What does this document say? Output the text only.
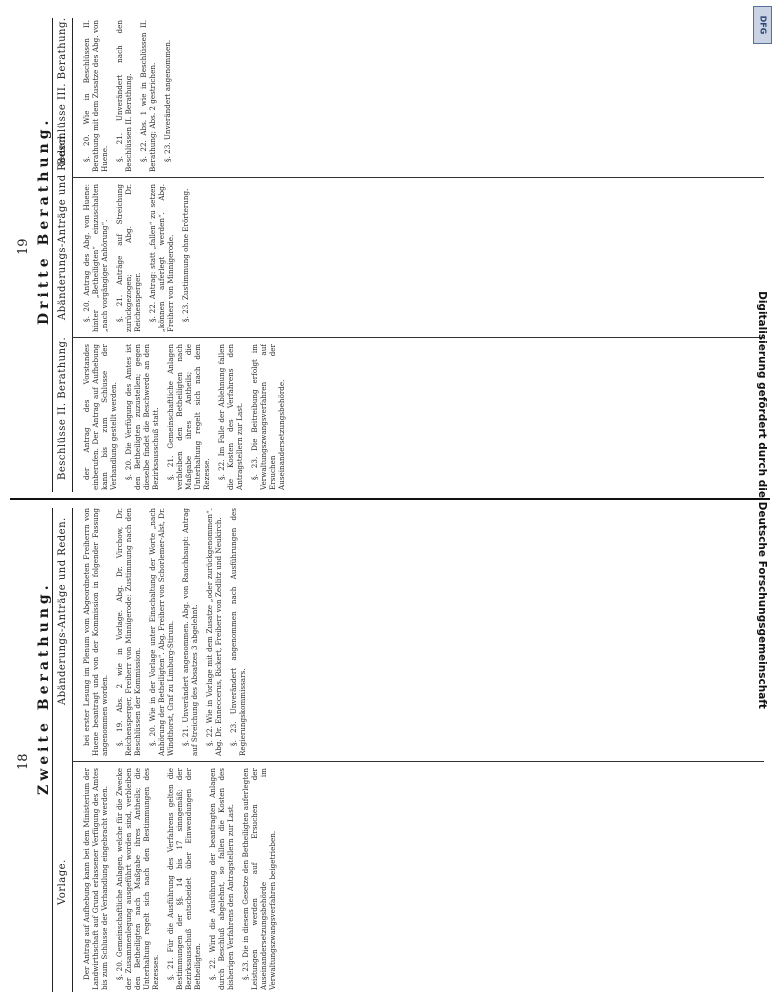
18 Zweite Berathung.
Vorlage.
Abänderungs-Anträge und Reden.

Der Antrag auf Aufhebung kann bei dem Ministerium der Landwirthschaft auf Grund erlassener Verfügung des Amtes bis zum Schlusse der Verhandlung eingebracht werden. §. 20. Gemeinschaftliche Anlagen, welche für die Zwecke der Zusammenlegung ausgeführt worden sind, verbleiben den Betheiligten nach Maßgabe ihres Antheils; die Unterhaltung regelt sich nach den Bestimmungen des Rezesses. §. 21. Für die Ausführung des Verfahrens gelten die Bestimmungen der §§. 14 bis 17 sinngemäß; der Bezirksausschuß entscheidet über Einwendungen der Betheiligten. §. 22. Wird die Ausführung der beantragten Anlagen durch Beschluß abgelehnt, so fallen die Kosten des bisherigen Verfahrens den Antragstellern zur Last. §. 23. Die in diesem Gesetze den Betheiligten auferlegten Leistungen werden auf Ersuchen der Auseinandersetzungsbehörde im Verwaltungszwangsverfahren beigetrieben.

bei erster Lesung im Plenum vom Abgeordneten Freiherrn von Huene beantragt und von der Kommission in folgender Fassung angenommen worden. §. 19. Abs. 2 wie in Vorlage. Abg. Dr. Virchow, Dr. Reichensperger, Freiherr von Minnigerode: Zustimmung nach den Beschlüssen der Kommission. §. 20. Wie in der Vorlage unter Einschaltung der Worte „nach Anhörung der Betheiligten“. Abg. Freiherr von Schorlemer-Alst, Dr. Windthorst, Graf zu Limburg-Stirum. §. 21. Unverändert angenommen. Abg. von Rauchhaupt: Antrag auf Streichung des Absatzes 3 abgelehnt. §. 22. Wie in Vorlage mit dem Zusatze „oder zurückgenommen“. Abg. Dr. Enneccerus, Rickert, Freiherr von Zedlitz und Neukirch. §. 23. Unverändert angenommen nach Ausführungen des Regierungskommissars.

19 Dritte Berathung.
Beschlüsse II. Berathung.
Abänderungs-Anträge und Reden.
Beschlüsse III. Berathung.

der Antrag des Vorstandes einberufen. Der Antrag auf Aufhebung kann bis zum Schlusse der Verhandlung gestellt werden. §. 20. Die Verfügung des Amtes ist den Betheiligten zuzustellen; gegen dieselbe findet die Beschwerde an den Bezirksausschuß statt. §. 21. Gemeinschaftliche Anlagen verbleiben den Betheiligten nach Maßgabe ihres Antheils; die Unterhaltung regelt sich nach dem Rezesse. §. 22. Im Falle der Ablehnung fallen die Kosten des Verfahrens den Antragstellern zur Last. §. 23. Die Beitreibung erfolgt im Verwaltungszwangsverfahren auf Ersuchen der Auseinandersetzungsbehörde.

§. 20. Antrag des Abg. von Huene: hinter „Betheiligten“ einzuschalten „nach vorgängiger Anhörung“. §. 21. Anträge auf Streichung zurückgezogen; Abg. Dr. Reichensperger. §. 22. Antrag: statt „fallen“ zu setzen „können auferlegt werden“. Abg. Freiherr von Minnigerode. §. 23. Zustimmung ohne Erörterung.

§. 20. Wie in Beschlüssen II. Berathung mit dem Zusatze des Abg. von Huene. §. 21. Unverändert nach den Beschlüssen II. Berathung. §. 22. Abs. 1 wie in Beschlüssen II. Berathung; Abs. 2 gestrichen. §. 23. Unverändert angenommen.

DFG
Digitalisierung gefördert durch die Deutsche Forschungsgemeinschaft
